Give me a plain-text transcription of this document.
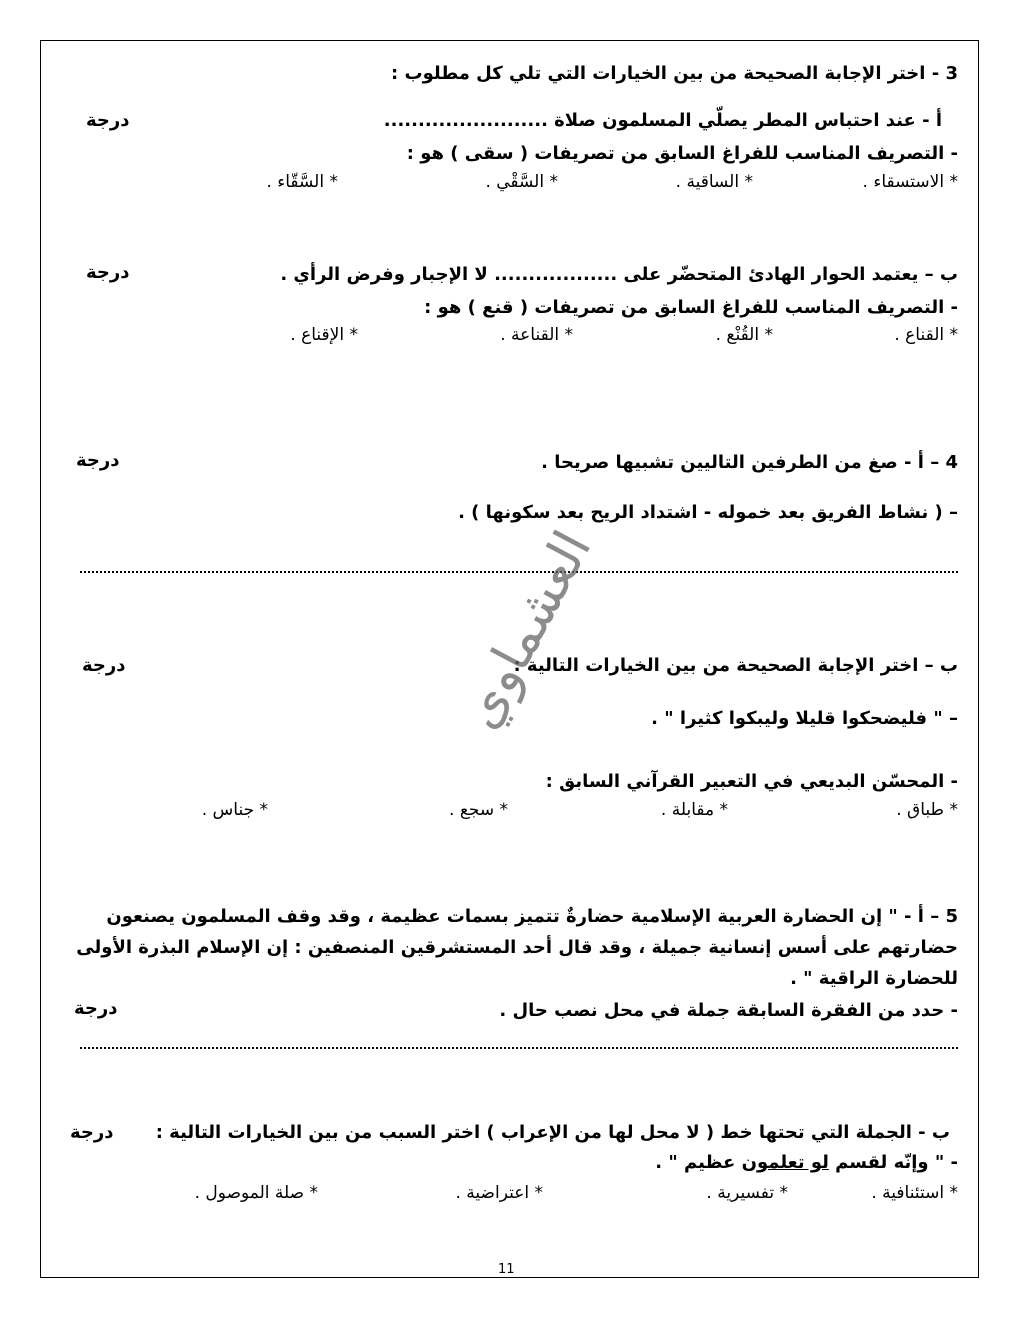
3 - اختر الإجابة الصحيحة من بين الخيارات التي تلي كل مطلوب :
أ - عند احتباس المطر يصلّي المسلمون صلاة ........................
درجة
- التصريف المناسب للفراغ السابق من تصريفات ( سقى ) هو :
* الاستسقاء .
* الساقية .
* السَّقْي .
* السَّقّاء .
ب – يعتمد الحوار الهادئ المتحضّر على .................. لا الإجبار وفرض الرأي .
درجة
- التصريف المناسب للفراغ السابق من تصريفات ( قنع ) هو :
* القناع .
* القُنْع .
* القناعة .
* الإقناع .
4 – أ - صغ من الطرفين التاليين تشبيها صريحا .
درجة
– ( نشاط الفريق بعد خموله - اشتداد الريح بعد سكونها ) .
ب – اختر الإجابة الصحيحة من بين الخيارات التالية :
درجة
– " فليضحكوا قليلا وليبكوا كثيرا " .
- المحسّن البديعي في التعبير القرآني السابق :
* طباق .
* مقابلة .
* سجع .
* جناس .
5 – أ - " إن الحضارة العربية الإسلامية حضارةٌ تتميز بسمات عظيمة ، وقد وقف المسلمون يصنعون
حضارتهم على أسس إنسانية جميلة ، وقد قال أحد المستشرقين المنصفين : إن الإسلام البذرة الأولى
للحضارة الراقية " .
- حدد من الفقرة السابقة جملة في محل نصب حال .
درجة
ب - الجملة التي تحتها خط ( لا محل لها من الإعراب ) اختر السبب من بين الخيارات التالية :
درجة
- " وإنّه لقسم لو تعلمون عظيم " .
* استئنافية .
* تفسيرية .
* اعتراضية .
* صلة الموصول .
العشماوي
11
